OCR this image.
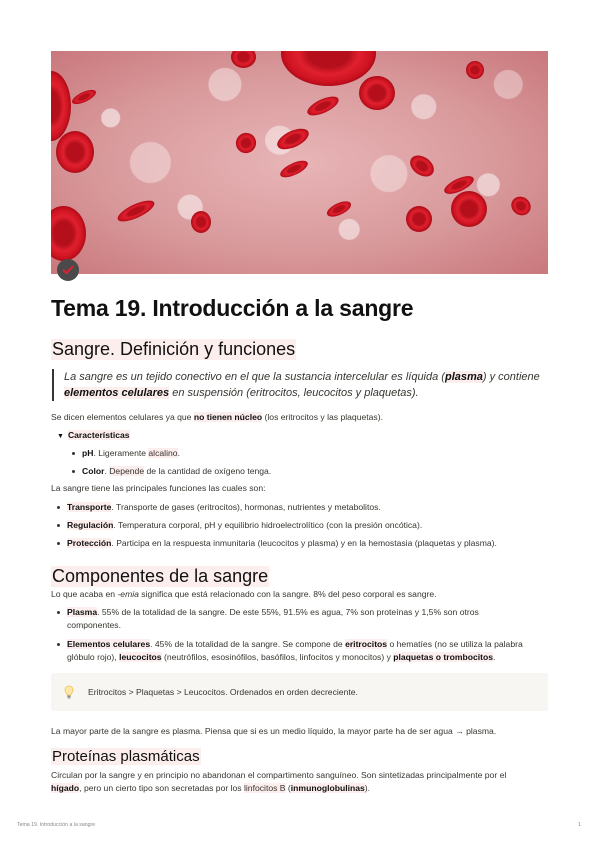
Tema 19. Introducción a la sangre
Sangre. Definición y funciones
La sangre es un tejido conectivo en el que la sustancia intercelular es líquida (plasma) y contiene elementos celulares en suspensión (eritrocitos, leucocitos y plaquetas).

Se dicen elementos celulares ya que no tienen núcleo (los eritrocitos y las plaquetas).

▼ Características
pH. Ligeramente alcalino.
Color. Depende de la cantidad de oxígeno tenga.

La sangre tiene las principales funciones las cuales son:

Transporte. Transporte de gases (eritrocitos), hormonas, nutrientes y metabolitos.
Regulación. Temperatura corporal, pH y equilibrio hidroelectrolítico (con la presión oncótica).
Protección. Participa en la respuesta inmunitaria (leucocitos y plasma) y en la hemostasia (plaquetas y plasma).
Componentes de la sangre

Lo que acaba en -emia significa que está relacionado con la sangre. 8% del peso corporal es sangre.

Plasma. 55% de la totalidad de la sangre. De este 55%, 91.5% es agua, 7% son proteínas y 1,5% son otros
componentes.
Elementos celulares. 45% de la totalidad de la sangre. Se compone de eritrocitos o hematíes (no se utiliza la palabra
glóbulo rojo), leucocitos (neutrófilos, esosinófilos, basófilos, linfocitos y monocitos) y plaquetas o trombocitos.
Eritrocitos > Plaquetas > Leucocitos. Ordenados en orden decreciente.

La mayor parte de la sangre es plasma. Piensa que si es un medio líquido, la mayor parte ha de ser agua → plasma.

Proteínas plasmáticas

Circulan por la sangre y en principio no abandonan el compartimento sanguíneo. Son sintetizadas principalmente por el
hígado, pero un cierto tipo son secretadas por los linfocitos B (inmunoglobulinas).

Tema 19. Introducción a la sangre	1
